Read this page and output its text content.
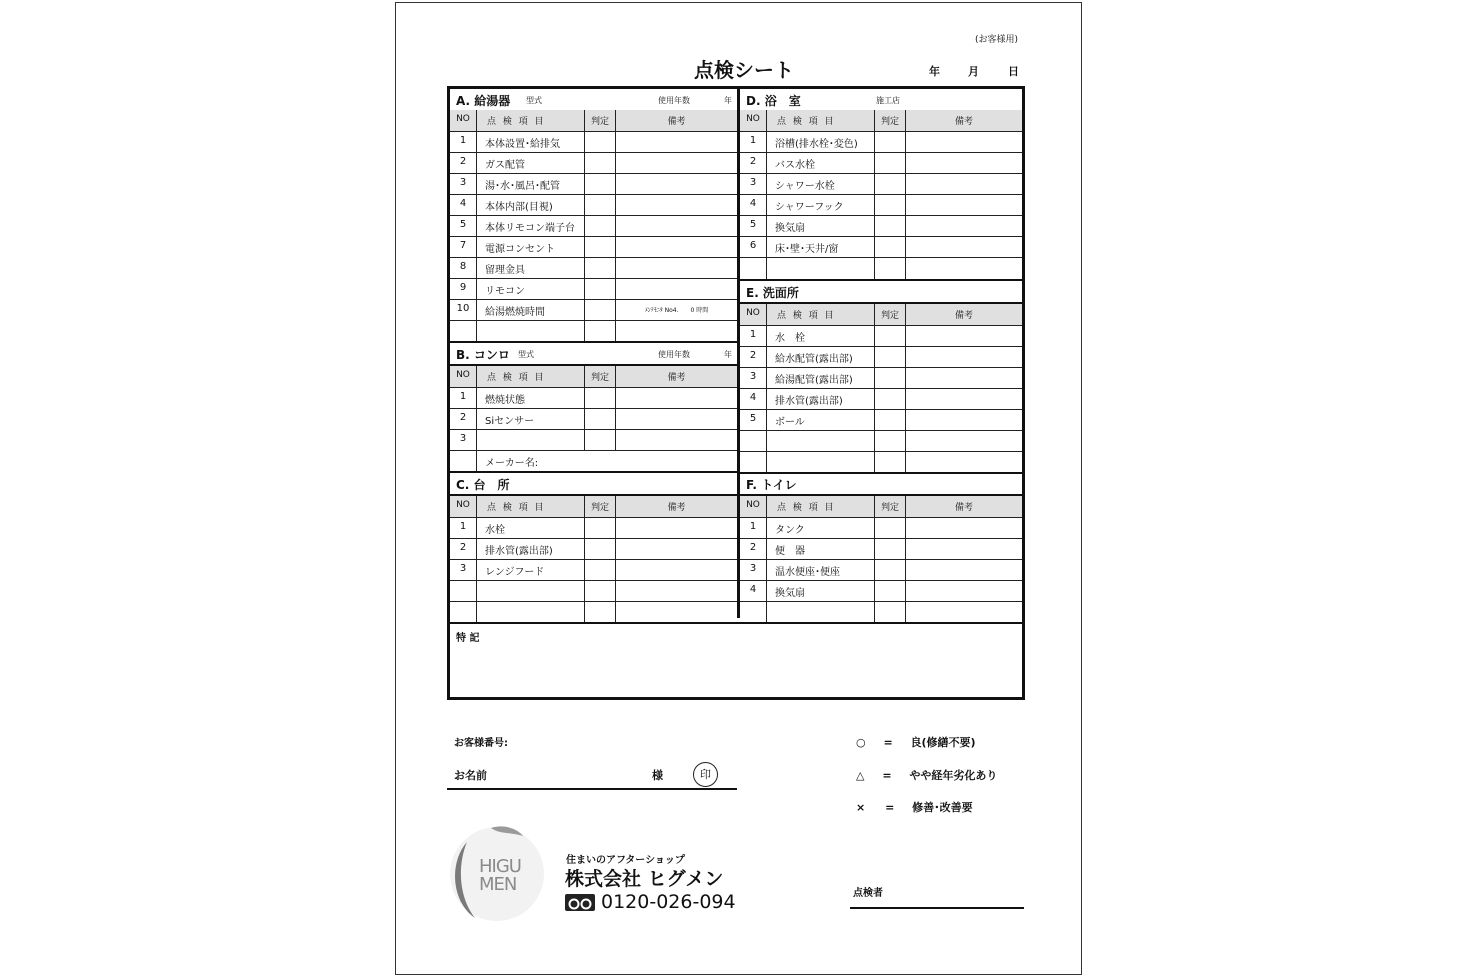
(お客様用)
点検シート	年	月	日
A. 給湯器 型式	使用年数	年
NO	点 検 項 目	判定	備考
1	本体設置･給排気
2	ガス配管
3	湯･水･風呂･配管
4	本体内部(目視)
5	本体リモコン端子台
7	電源コンセント
8	留理金具
9	リモコン
10	給湯燃焼時間	ﾒﾝﾃﾓﾆﾀ No4.　　0 時間
B. コンロ 型式	使用年数	年
NO	点 検 項 目	判定	備考
1	燃焼状態
2	Siセンサー
3
メーカー名:
C. 台　所
NO	点 検 項 目	判定	備考
1	水栓
2	排水管(露出部)
3	レンジフード
D. 浴　室	施工店
NO	点 検 項 目	判定	備考
1	浴槽(排水栓･変色)
2	バス水栓
3	シャワー水栓
4	シャワーフック
5	換気扇
6	床･壁･天井/窗
E. 洗面所
NO	点 検 項 目	判定	備考
1	水　栓
2	給水配管(露出部)
3	給湯配管(露出部)
4	排水管(露出部)
5	ボール
F. トイレ
NO	点 検 項 目	判定	備考
1	タンク
2	便　器
3	温水便座･便座
4	換気扇
特 記
お客様番号:
お名前	様	印
○ = 良(修繕不要)
△ = やや経年劣化あり
× = 修善･改善要
HIGU
MEN
住まいのアフターショップ
株式会社 ヒグメン
0120-026-094	点検者
